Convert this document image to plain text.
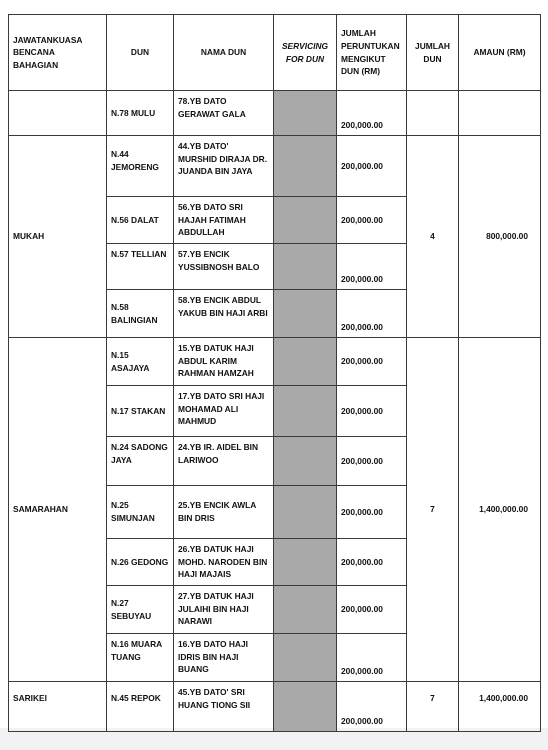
JAWATANKUASA BENCANA BAHAGIAN	DUN	NAMA DUN	SERVICING FOR DUN	JUMLAH PERUNTUKAN MENGIKUT DUN (RM)	JUMLAH DUN	AMAUN (RM)
	N.78 MULU	78.YB DATO GERAWAT GALA		200,000.00		
MUKAH	N.44 JEMORENG	44.YB DATO' MURSHID DIRAJA DR. JUANDA BIN JAYA		200,000.00	4	800,000.00
	N.56 DALAT	56.YB DATO SRI HAJAH FATIMAH ABDULLAH		200,000.00		
	N.57 TELLIAN	57.YB ENCIK YUSSIBNOSH BALO		200,000.00		
	N.58 BALINGIAN	58.YB ENCIK ABDUL YAKUB BIN HAJI ARBI		200,000.00		
SAMARAHAN	N.15 ASAJAYA	15.YB DATUK HAJI ABDUL KARIM RAHMAN HAMZAH		200,000.00	7	1,400,000.00
	N.17 STAKAN	17.YB DATO SRI HAJI MOHAMAD ALI MAHMUD		200,000.00		
	N.24 SADONG JAYA	24.YB IR. AIDEL BIN LARIWOO		200,000.00		
	N.25 SIMUNJAN	25.YB ENCIK AWLA BIN DRIS		200,000.00		
	N.26 GEDONG	26.YB DATUK HAJI MOHD. NARODEN BIN HAJI MAJAIS		200,000.00		
	N.27 SEBUYAU	27.YB DATUK HAJI JULAIHI BIN HAJI NARAWI		200,000.00		
	N.16 MUARA TUANG	16.YB DATO HAJI IDRIS BIN HAJI BUANG		200,000.00		
SARIKEI	N.45 REPOK	45.YB DATO' SRI HUANG TIONG SII		200,000.00	7	1,400,000.00
